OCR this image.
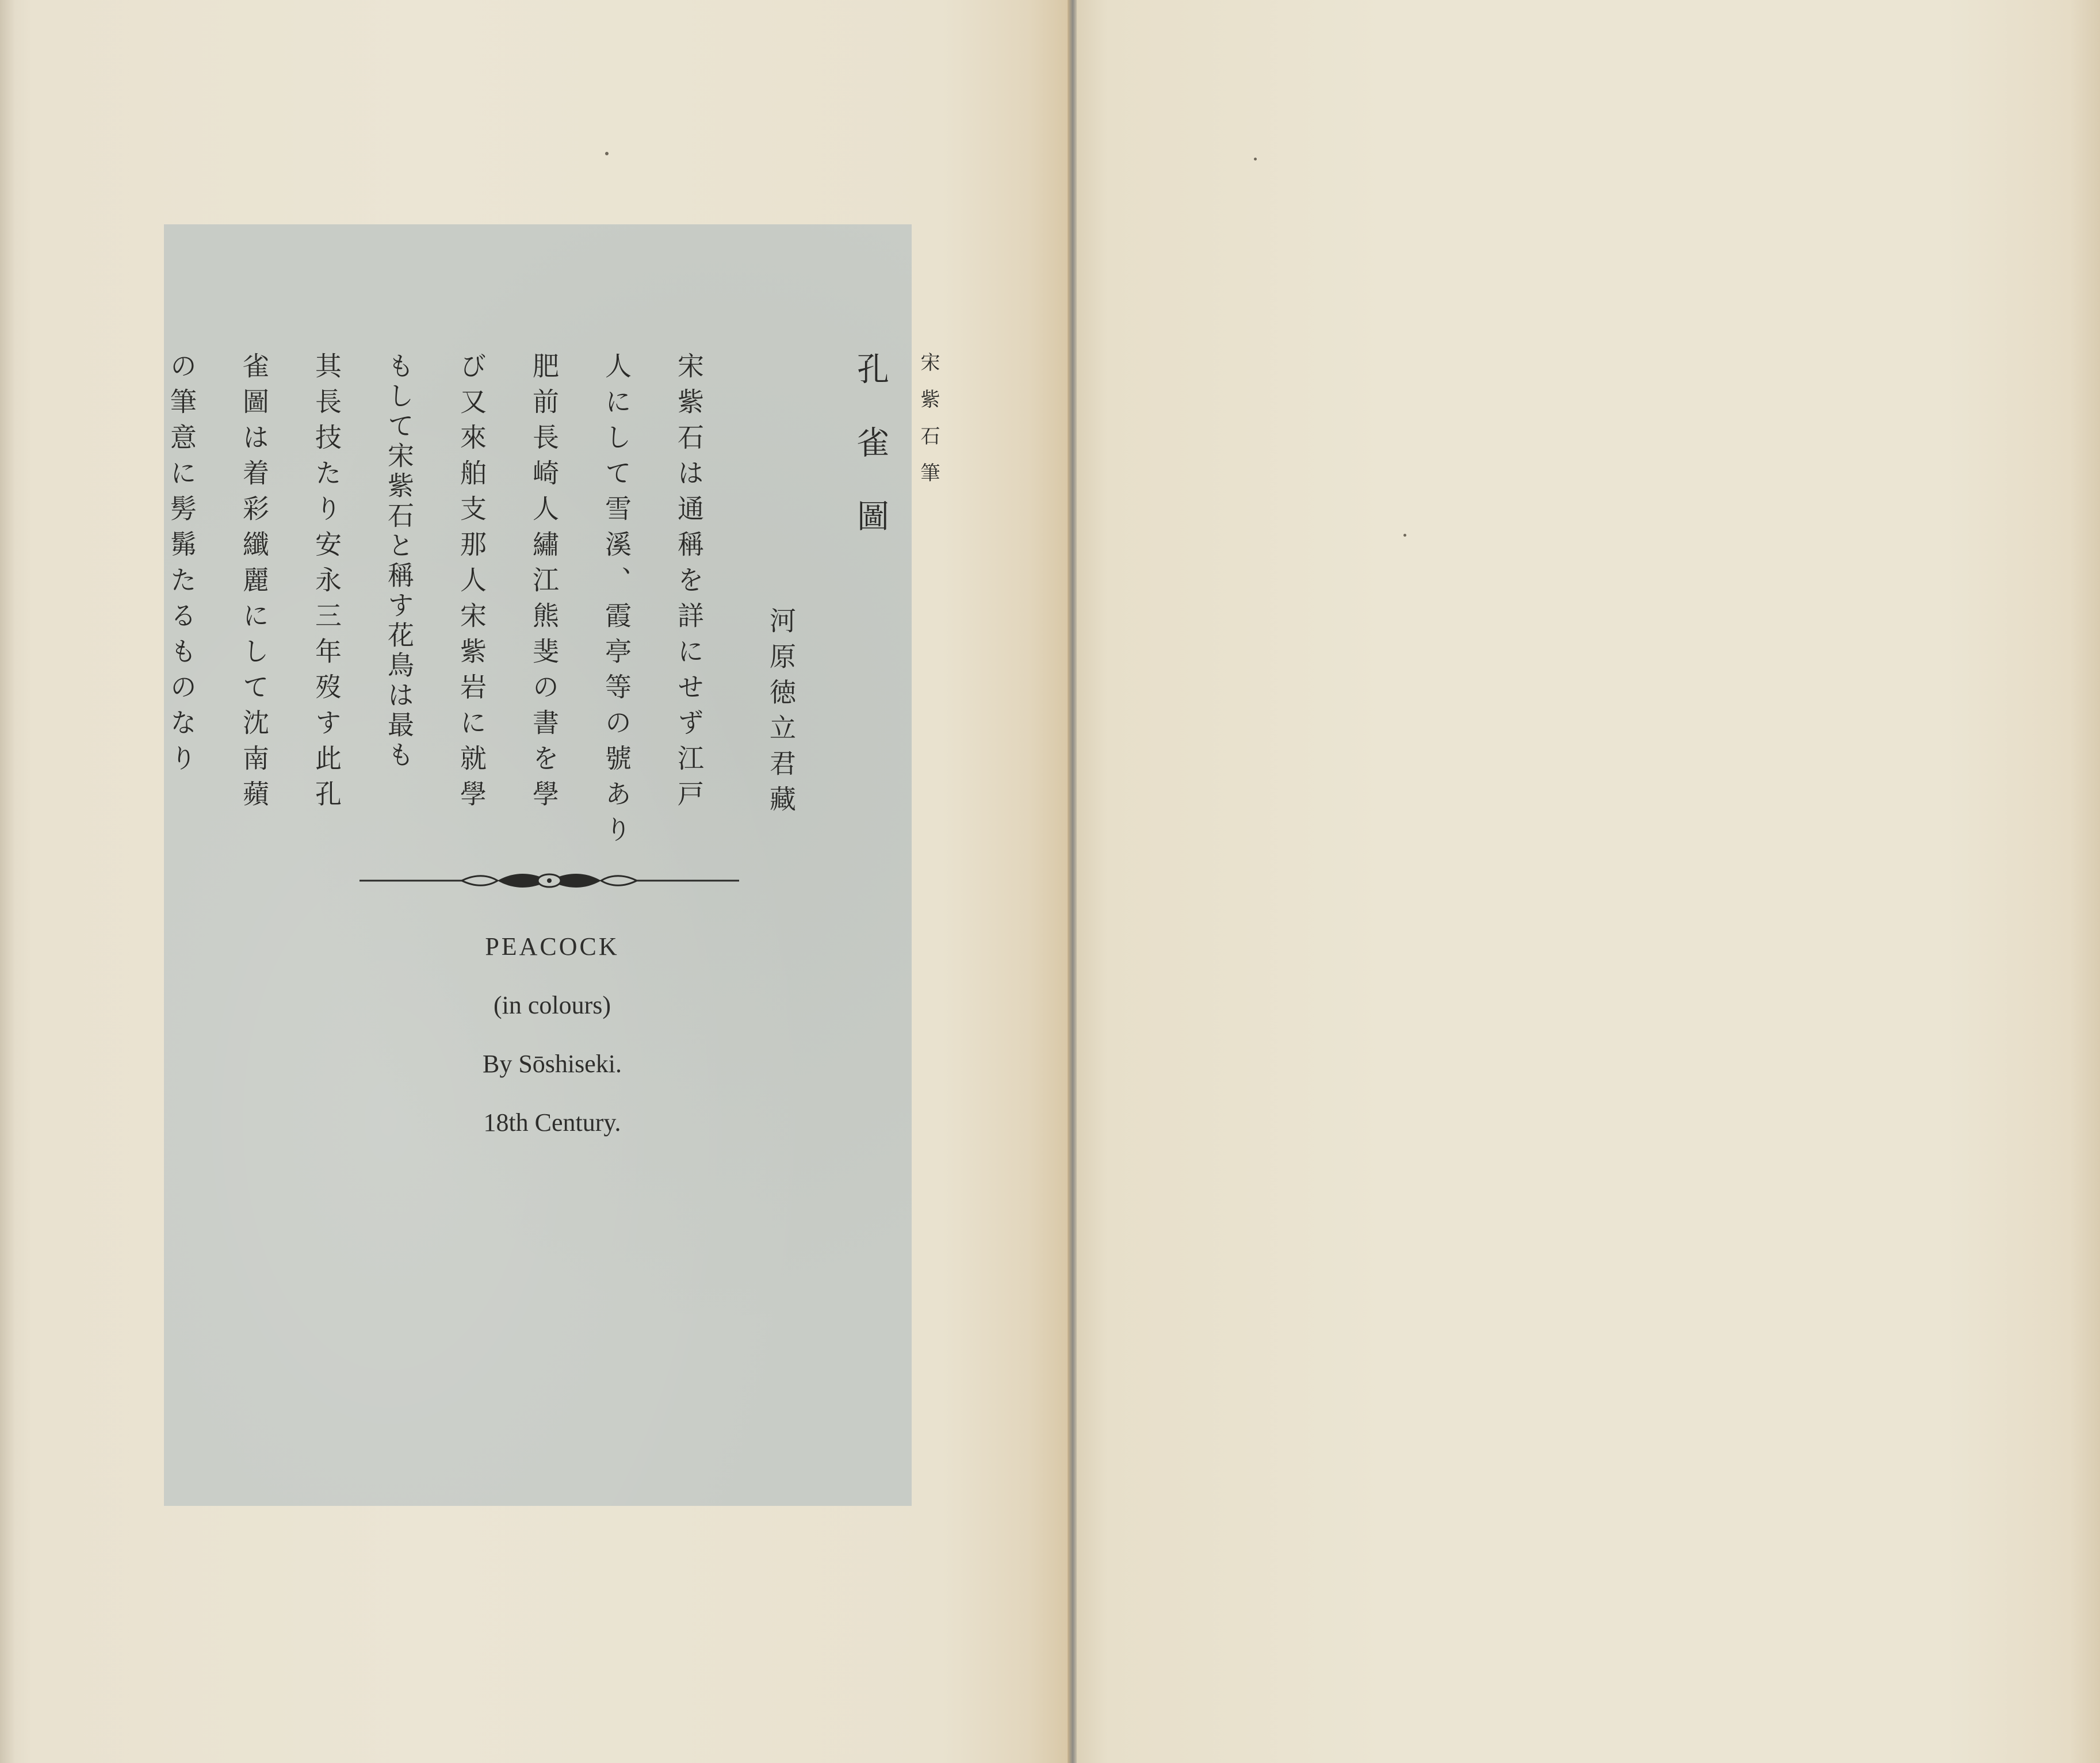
宋紫石筆

孔雀圖

河原徳立君藏

宋紫石は通稱を詳にせず江戸

人にして雪溪、霞亭等の號あり

肥前長崎人繡江熊斐の書を學

び又來舶支那人宋紫岩に就學

もして宋紫石と稱す花鳥は最も

其長技たり安永三年歿す此孔

雀圖は着彩纖麗にして沈南蘋

の筆意に髣髴たるものなり

PEACOCK

(in colours)

By Sōshiseki.

18th Century.
